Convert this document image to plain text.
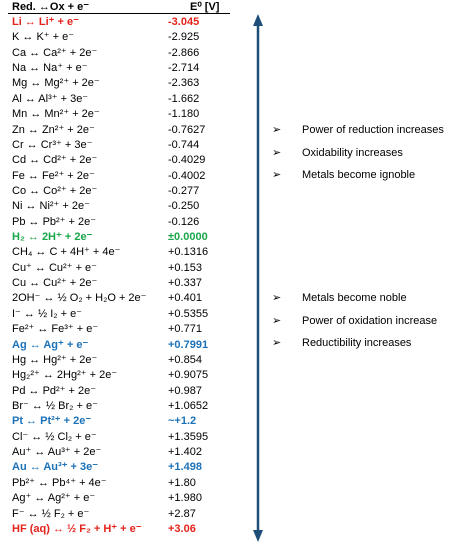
Red. ↔Ox + e⁻	E⁰ [V]
Li ↔ Li⁺ + e⁻	-3.045
K ↔ K⁺ + e⁻	-2.925
Ca ↔ Ca²⁺ + 2e⁻	-2.866
Na ↔ Na⁺ + e⁻	-2.714
Mg ↔ Mg²⁺ + 2e⁻	-2.363
Al ↔ Al³⁺ + 3e⁻	-1.662
Mn ↔ Mn²⁺ + 2e⁻	-1.180
Zn ↔ Zn²⁺ + 2e⁻	-0.7627
Cr ↔ Cr³⁺ + 3e⁻	-0.744
Cd ↔ Cd²⁺ + 2e⁻	-0.4029
Fe ↔ Fe²⁺ + 2e⁻	-0.4002
Co ↔ Co²⁺ + 2e⁻	-0.277
Ni ↔ Ni²⁺ + 2e⁻	-0.250
Pb ↔ Pb²⁺ + 2e⁻	-0.126
H₂ ↔ 2H⁺ + 2e⁻	±0.0000
CH₄ ↔ C + 4H⁺ + 4e⁻	+0.1316
Cu⁺ ↔ Cu²⁺ + e⁻	+0.153
Cu ↔ Cu²⁺ + 2e⁻	+0.337
2OH⁻ ↔ ½ O₂ + H₂O + 2e⁻ +0.401
I⁻ ↔ ½ I₂ + e⁻	+0.5355
Fe²⁺ ↔ Fe³⁺ + e⁻	+0.771
Ag ↔ Ag⁺ + e⁻	+0.7991
Hg ↔ Hg²⁺ + 2e⁻	+0.854
Hg₂²⁺ ↔ 2Hg²⁺ + 2e⁻	+0.9075
Pd ↔ Pd²⁺ + 2e⁻	+0.987
Br⁻ ↔ ½ Br₂ + e⁻	+1.0652
Pt ↔ Pt²⁺ + 2e⁻	~+1.2
Cl⁻ ↔ ½ Cl₂ + e⁻	+1.3595
Au⁺ ↔ Au³⁺ + 2e⁻	+1.402
Au ↔ Au³⁺ + 3e⁻	+1.498
Pb²⁺ ↔ Pb⁴⁺ + 4e⁻	+1.80
Ag⁺ ↔ Ag²⁺ + e⁻	+1.980
F⁻ ↔ ½ F₂ + e⁻	+2.87
HF (aq) ↔ ½ F₂ + H⁺ + e⁻ +3.06
➢ Power of reduction increases
➢ Oxidability increases
➢ Metals become ignoble
➢ Metals become noble
➢ Power of oxidation increase
➢ Reductibility increases
